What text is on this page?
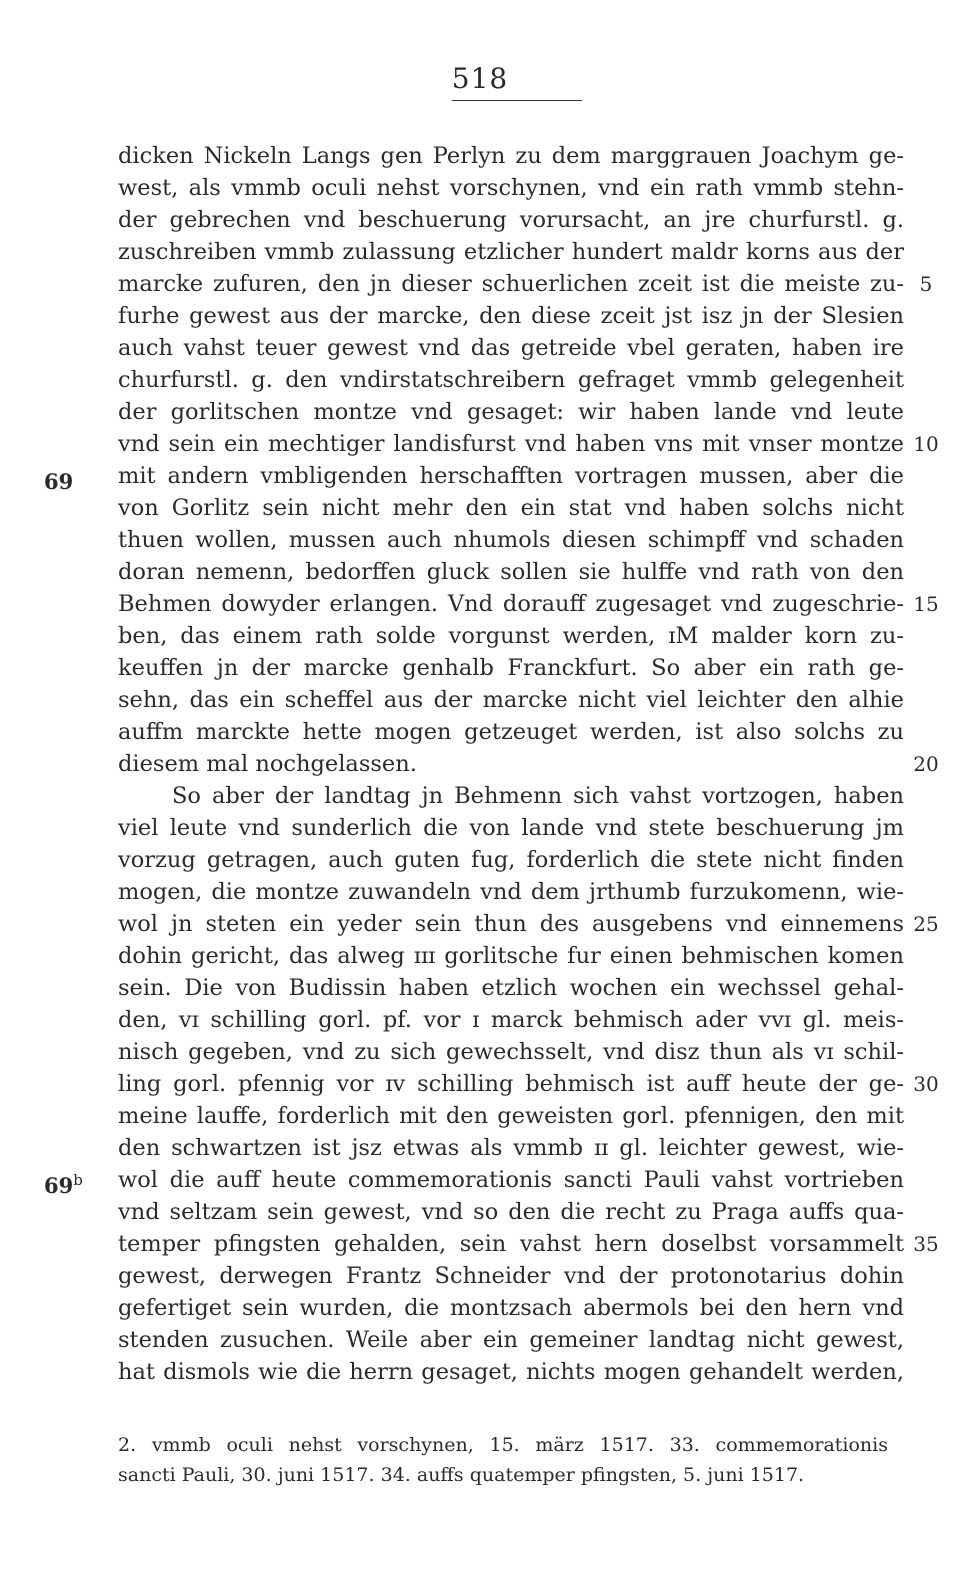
518
dicken Nickeln Langs gen Perlyn zu dem marggrauen Joachym ge-
west, als vmmb oculi nehst vorschynen, vnd ein rath vmmb stehn-
der gebrechen vnd beschuerung vorursacht, an jre churfurstl. g.
zuschreiben vmmb zulassung etzlicher hundert maldr korns aus der
marcke zufuren, den jn dieser schuerlichen zceit ist die meiste zu-
furhe gewest aus der marcke, den diese zceit jst isz jn der Slesien
auch vahst teuer gewest vnd das getreide vbel geraten, haben ire
churfurstl. g. den vndirstatschreibern gefraget vmmb gelegenheit
der gorlitschen montze vnd gesaget: wir haben lande vnd leute
vnd sein ein mechtiger landisfurst vnd haben vns mit vnser montze
mit andern vmbligenden herschafften vortragen mussen, aber die
von Gorlitz sein nicht mehr den ein stat vnd haben solchs nicht
thuen wollen, mussen auch nhumols diesen schimpff vnd schaden
doran nemenn, bedorffen gluck sollen sie hulffe vnd rath von den
Behmen dowyder erlangen. Vnd dorauff zugesaget vnd zugeschrie-
ben, das einem rath solde vorgunst werden, ɪM malder korn zu-
keuffen jn der marcke genhalb Franckfurt. So aber ein rath ge-
sehn, das ein scheffel aus der marcke nicht viel leichter den alhie
auffm marckte hette mogen getzeuget werden, ist also solchs zu
diesem mal nochgelassen.
So aber der landtag jn Behmenn sich vahst vortzogen, haben
viel leute vnd sunderlich die von lande vnd stete beschuerung jm
vorzug getragen, auch guten fug, forderlich die stete nicht finden
mogen, die montze zuwandeln vnd dem jrthumb furzukomenn, wie-
wol jn steten ein yeder sein thun des ausgebens vnd einnemens
dohin gericht, das alweg ɪɪɪ gorlitsche fur einen behmischen komen
sein. Die von Budissin haben etzlich wochen ein wechssel gehal-
den, ᴠɪ schilling gorl. pf. vor ɪ marck behmisch ader ᴠᴠɪ gl. meis-
nisch gegeben, vnd zu sich gewechsselt, vnd disz thun als ᴠɪ schil-
ling gorl. pfennig vor ɪᴠ schilling behmisch ist auff heute der ge-
meine lauffe, forderlich mit den geweisten gorl. pfennigen, den mit
den schwartzen ist jsz etwas als vmmb ɪɪ gl. leichter gewest, wie-
wol die auff heute commemorationis sancti Pauli vahst vortrieben
vnd seltzam sein gewest, vnd so den die recht zu Praga auffs qua-
temper pfingsten gehalden, sein vahst hern doselbst vorsammelt
gewest, derwegen Frantz Schneider vnd der protonotarius dohin
gefertiget sein wurden, die montzsach abermols bei den hern vnd
stenden zusuchen. Weile aber ein gemeiner landtag nicht gewest,
hat dismols wie die herrn gesaget, nichts mogen gehandelt werden,
5
10
15
20
25
30
35
69
69$^b$
2. vmmb oculi nehst vorschynen, 15. märz 1517. 33. commemorationis
sancti Pauli, 30. juni 1517. 34. auffs quatemper pfingsten, 5. juni 1517.
